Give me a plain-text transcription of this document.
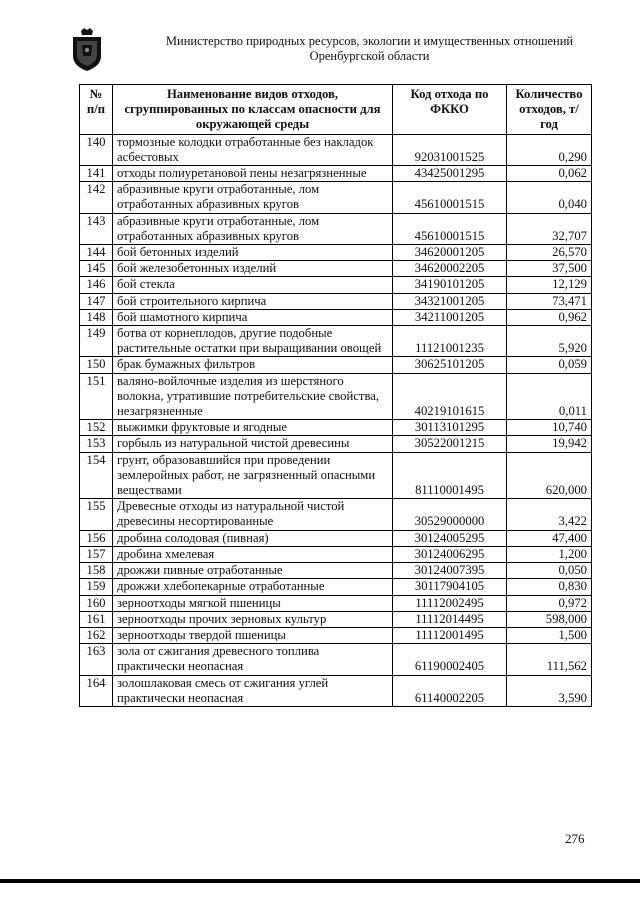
Министерство природных ресурсов, экологии и имущественных отношений
Оренбургской области
№ п/п	Наименование видов отходов, сгруппированных по классам опасности для окружающей среды	Код отхода по ФККО	Количество отходов, т/год
140	тормозные колодки отработанные без накладок асбестовых	92031001525	0,290
141	отходы полиуретановой пены незагрязненные	43425001295	0,062
142	абразивные круги отработанные, лом отработанных абразивных кругов	45610001515	0,040
143	абразивные круги отработанные, лом отработанных абразивных кругов	45610001515	32,707
144	бой бетонных изделий	34620001205	26,570
145	бой железобетонных изделий	34620002205	37,500
146	бой стекла	34190101205	12,129
147	бой строительного кирпича	34321001205	73,471
148	бой шамотного кирпича	34211001205	0,962
149	ботва от корнеплодов, другие подобные растительные остатки при выращивании овощей	11121001235	5,920
150	брак бумажных фильтров	30625101205	0,059
151	валяно-войлочные изделия из шерстяного волокна, утратившие потребительские свойства, незагрязненные	40219101615	0,011
152	выжимки фруктовые и ягодные	30113101295	10,740
153	горбыль из натуральной чистой древесины	30522001215	19,942
154	грунт, образовавшийся при проведении землеройных работ, не загрязненный опасными веществами	81110001495	620,000
155	Древесные отходы из натуральной чистой древесины несортированные	30529000000	3,422
156	дробина солодовая (пивная)	30124005295	47,400
157	дробина хмелевая	30124006295	1,200
158	дрожжи пивные отработанные	30124007395	0,050
159	дрожжи хлебопекарные отработанные	30117904105	0,830
160	зерноотходы мягкой пшеницы	11112002495	0,972
161	зерноотходы прочих зерновых культур	11112014495	598,000
162	зерноотходы твердой пшеницы	11112001495	1,500
163	зола от сжигания древесного топлива практически неопасная	61190002405	111,562
164	золошлаковая смесь от сжигания углей практически неопасная	61140002205	3,590
276
